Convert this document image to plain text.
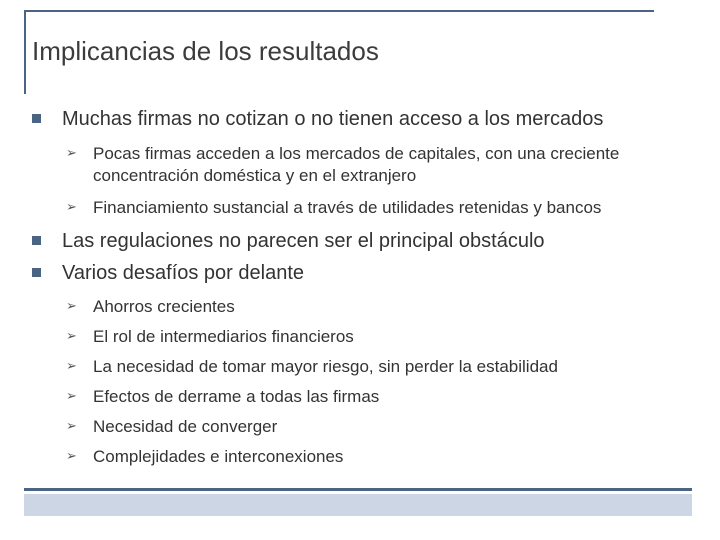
Implicancias de los resultados
Muchas firmas no cotizan o no tienen acceso a los mercados
➢ Pocas firmas acceden a los mercados de capitales, con una creciente concentración doméstica y en el extranjero
➢ Financiamiento sustancial a través de utilidades retenidas y bancos
Las regulaciones no parecen ser el principal obstáculo
Varios desafíos por delante
➢ Ahorros crecientes
➢ El rol de intermediarios financieros
➢ La necesidad de tomar mayor riesgo, sin perder la estabilidad
➢ Efectos de derrame a todas las firmas
➢ Necesidad de converger
➢ Complejidades e interconexiones
